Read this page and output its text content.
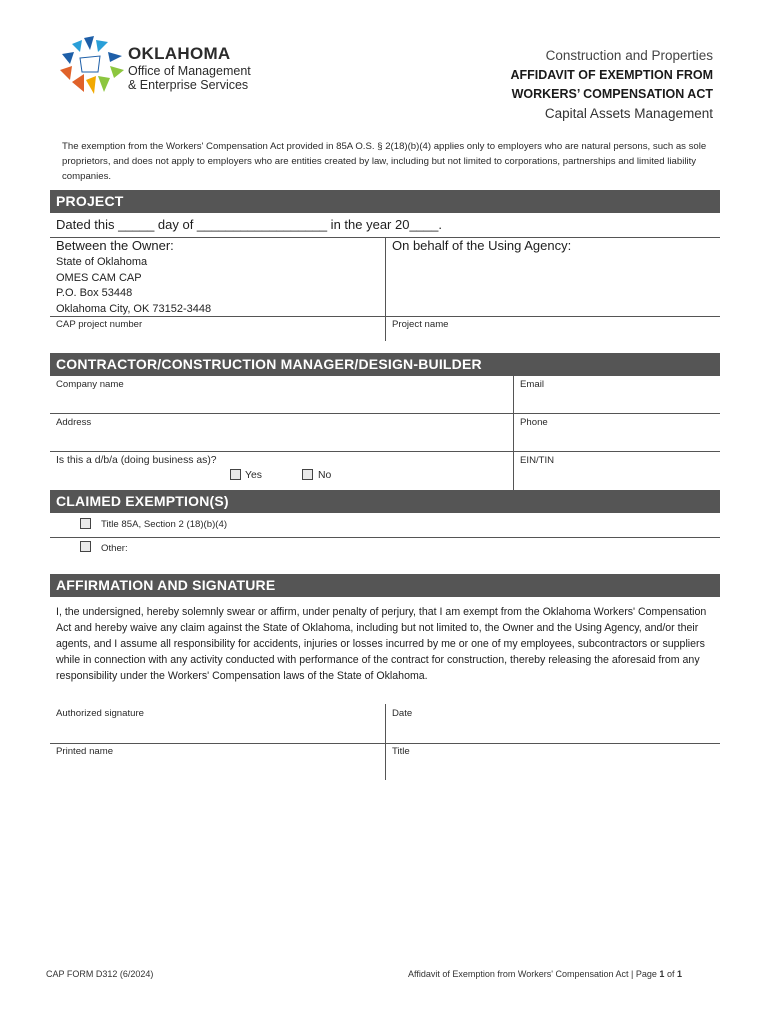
OKLAHOMA
Office of Management
& Enterprise Services
Construction and Properties
AFFIDAVIT OF EXEMPTION FROM
WORKERS’ COMPENSATION ACT
Capital Assets Management
The exemption from the Workers' Compensation Act provided in 85A O.S. § 2(18)(b)(4) applies only to employers who are natural persons, such as sole proprietors, and does not apply to employers who are entities created by law, including but not limited to corporations, partnerships and limited liability companies.
PROJECT
Dated this _____ day of __________________ in the year 20____.
Between the Owner:
State of Oklahoma
OMES CAM CAP
P.O. Box 53448
Oklahoma City, OK 73152-3448
On behalf of the Using Agency:
CAP project number	Project name
CONTRACTOR/CONSTRUCTION MANAGER/DESIGN-BUILDER
Company name	Email
Address	Phone
Is this a d/b/a (doing business as)?
Yes	No
EIN/TIN
CLAIMED EXEMPTION(S)
Title 85A, Section 2 (18)(b)(4)
Other:
AFFIRMATION AND SIGNATURE
I, the undersigned, hereby solemnly swear or affirm, under penalty of perjury, that I am exempt from the Oklahoma Workers' Compensation Act and hereby waive any claim against the State of Oklahoma, including but not limited to, the Owner and the Using Agency, and/or their agents, and I assume all responsibility for accidents, injuries or losses incurred by me or one of my employees, subcontractors or suppliers while in connection with any activity conducted with performance of the contract for construction, thereby releasing the aforesaid from any responsibility under the Workers' Compensation laws of the State of Oklahoma.
Authorized signature	Date
Printed name	Title
CAP FORM D312 (6/2024)	Affidavit of Exemption from Workers' Compensation Act | Page 1 of 1
